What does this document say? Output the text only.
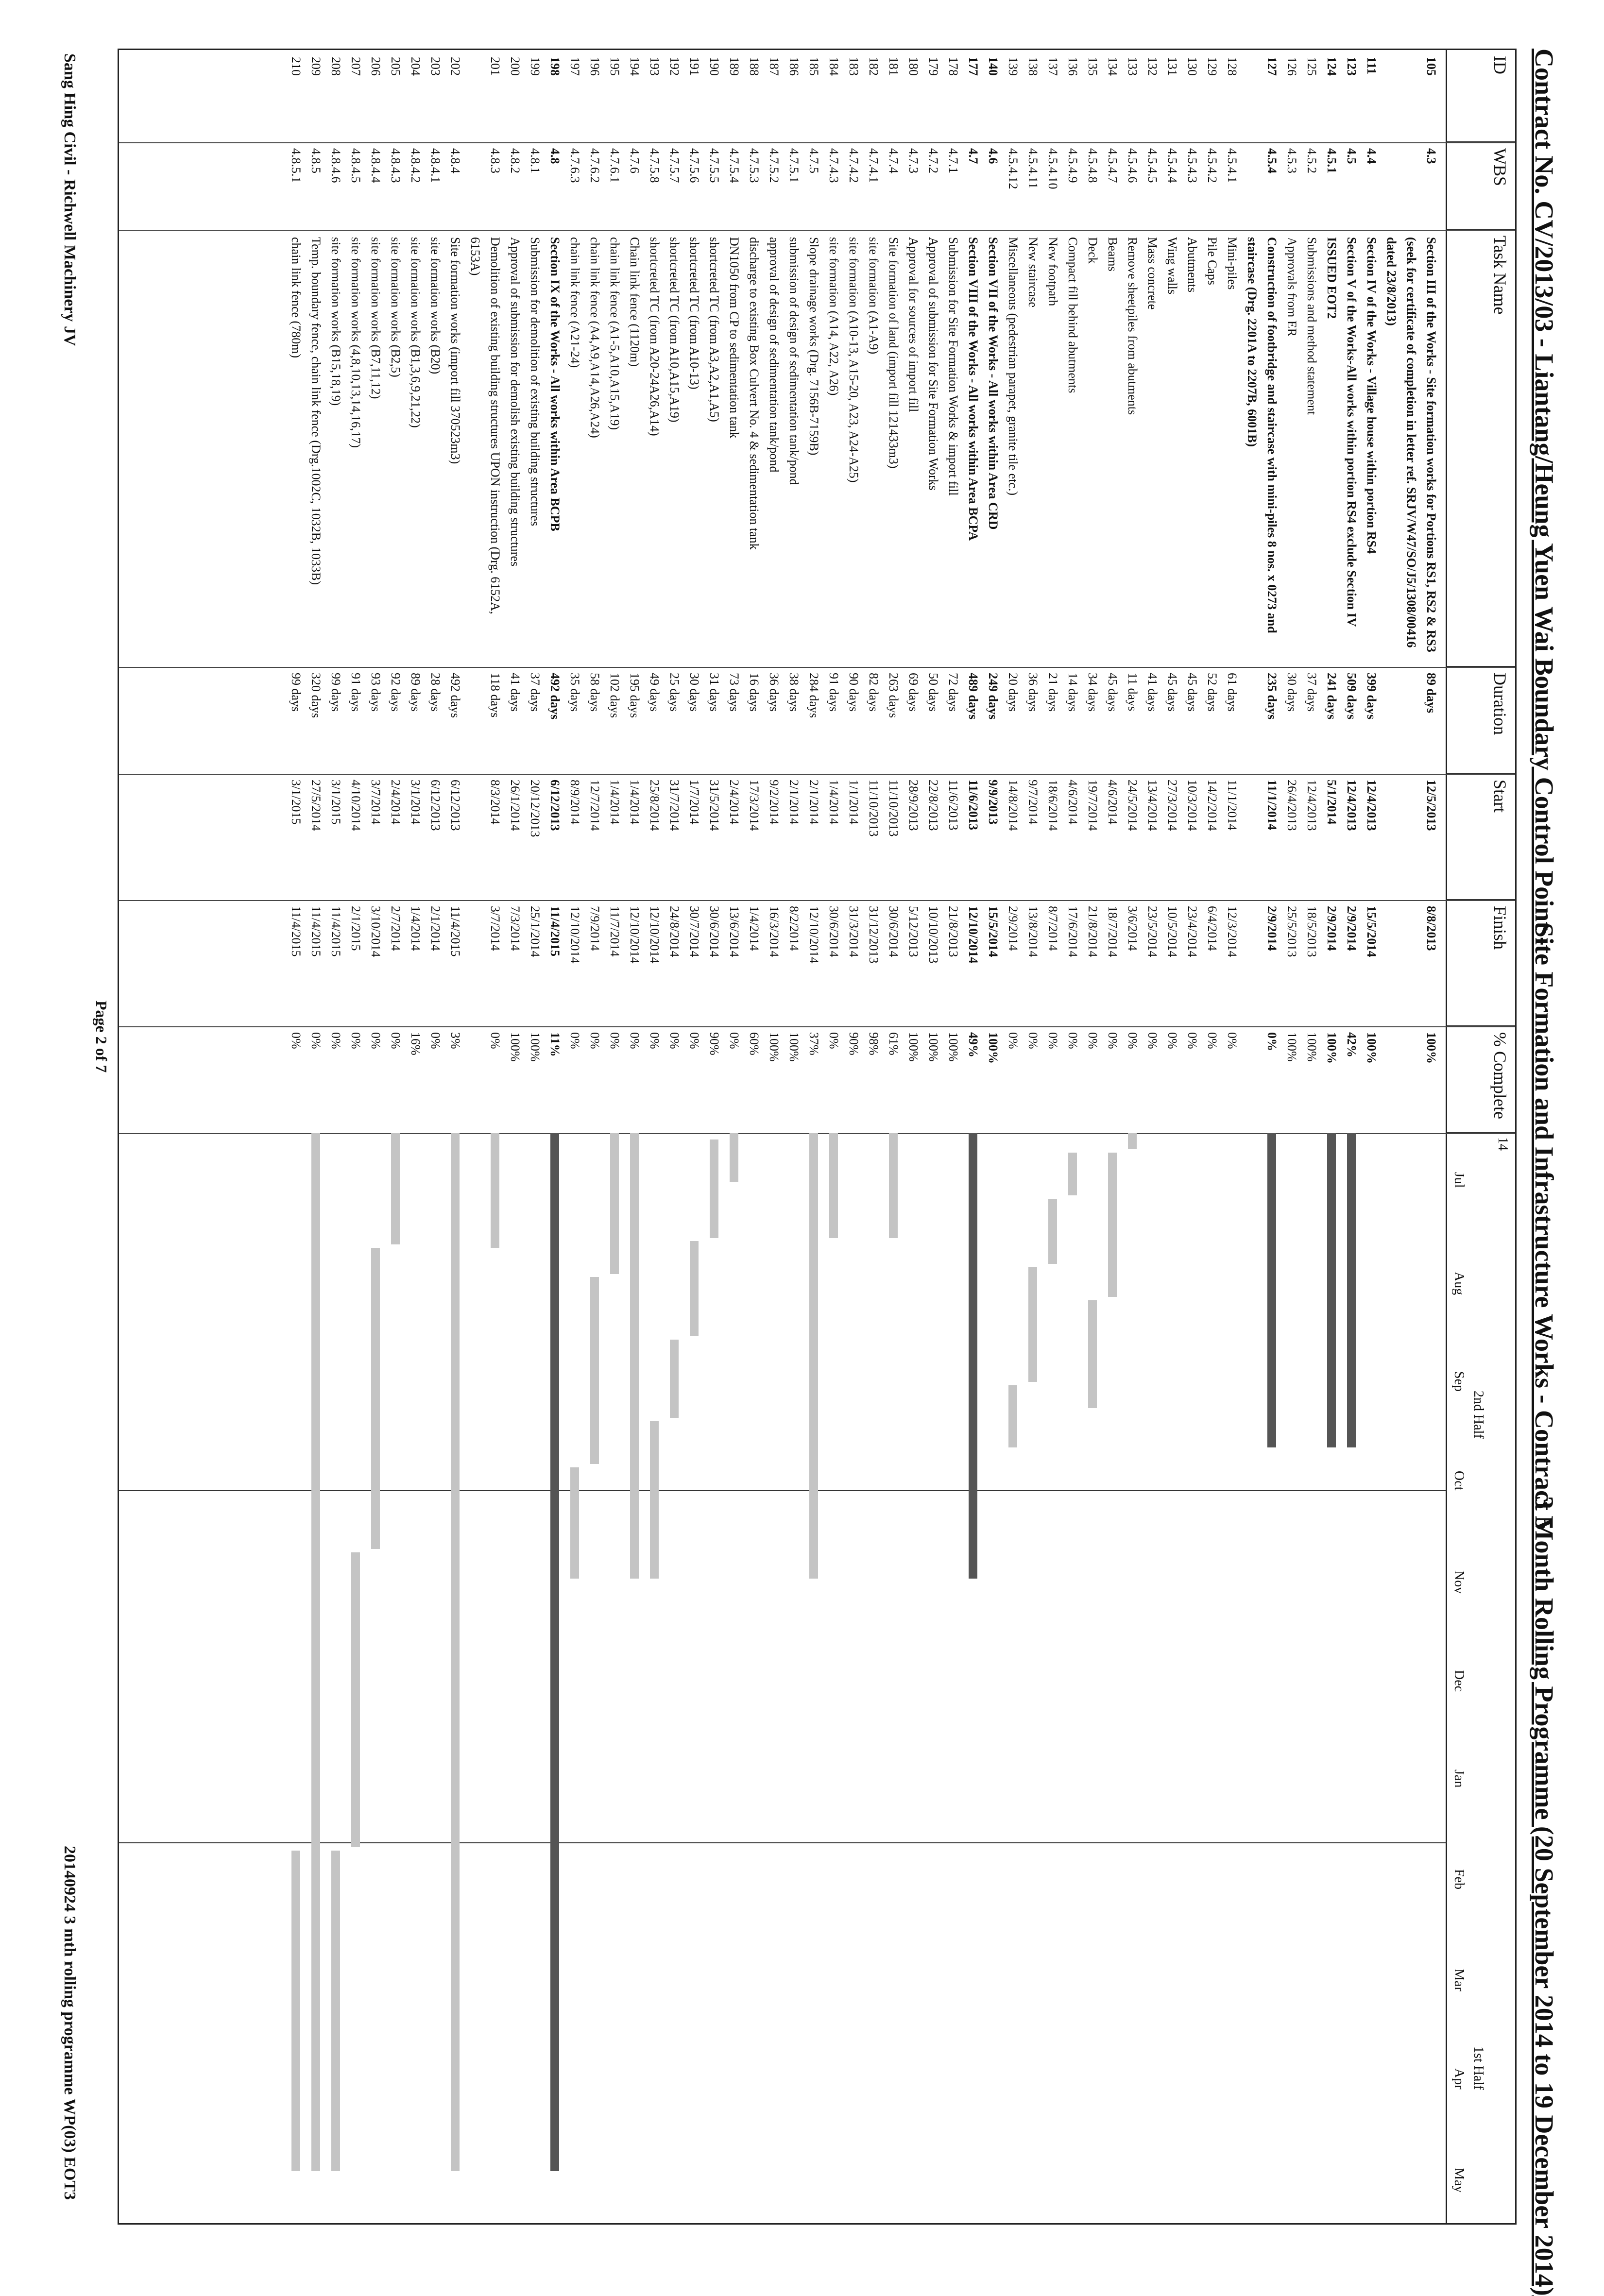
Contract No. CV/2013/03 - Liantang/Heung Yuen Wai Boundary Control Point -
Site Formation and Infrastructure Works - Contract 5
3 Month Rolling Programme (20 September 2014 to 19 December 2014)
ID
WBS
Task Name
Duration
Start
Finish
% Complete
105
4.3
Section III of the Works - Site formation works for Portions RS1, RS2 & RS3
89 days
12/5/2013
8/8/2013
100%
(seek for certificate of completion in letter ref. SRJV/W47/SO/J5/1308/00416
dated 23/8/2013)
111
4.4
Section IV of the Works - Village house within portion RS4
399 days
12/4/2013
15/5/2014
100%
123
4.5
Section V of the Works-All works within portion RS4 exclude Section IV
509 days
12/4/2013
2/9/2014
42%
124
4.5.1
ISSUED EOT2
241 days
5/1/2014
2/9/2014
100%
125
4.5.2
Submissions and method statement
37 days
12/4/2013
18/5/2013
100%
126
4.5.3
Approvals from ER
30 days
26/4/2013
25/5/2013
100%
127
4.5.4
Construction of footbridge and staircase with mini-piles 8 nos. x 0273 and
235 days
11/1/2014
2/9/2014
0%
staircase (Drg. 2201A to 2207B, 6001B)
128
4.5.4.1
Mini-piles
61 days
11/1/2014
12/3/2014
0%
129
4.5.4.2
Pile Caps
52 days
14/2/2014
6/4/2014
0%
130
4.5.4.3
Abutments
45 days
10/3/2014
23/4/2014
0%
131
4.5.4.4
Wing walls
45 days
27/3/2014
10/5/2014
0%
132
4.5.4.5
Mass concrete
41 days
13/4/2014
23/5/2014
0%
133
4.5.4.6
Remove sheetpiles from abutments
11 days
24/5/2014
3/6/2014
0%
134
4.5.4.7
Beams
45 days
4/6/2014
18/7/2014
0%
135
4.5.4.8
Deck
34 days
19/7/2014
21/8/2014
0%
136
4.5.4.9
Compact fill behind abutments
14 days
4/6/2014
17/6/2014
0%
137
4.5.4.10
New footpath
21 days
18/6/2014
8/7/2014
0%
138
4.5.4.11
New staircase
36 days
9/7/2014
13/8/2014
0%
139
4.5.4.12
Miscellaneous (pedestrian parapet, granite tile etc.)
20 days
14/8/2014
2/9/2014
0%
140
4.6
Section VII of the Works - All works within Area CRD
249 days
9/9/2013
15/5/2014
100%
177
4.7
Section VIII of the Works - All works within Area BCPA
489 days
11/6/2013
12/10/2014
49%
178
4.7.1
Submission for Site Formation Works & import fill
72 days
11/6/2013
21/8/2013
100%
179
4.7.2
Approval of submission for Site Formation Works
50 days
22/8/2013
10/10/2013
100%
180
4.7.3
Approval for sources of import fill
69 days
28/9/2013
5/12/2013
100%
181
4.7.4
Site formation of land (import fill 121433m3)
263 days
11/10/2013
30/6/2014
61%
182
4.7.4.1
site formation (A1-A9)
82 days
11/10/2013
31/12/2013
98%
183
4.7.4.2
site formation (A10-13, A15-20, A23, A24-A25)
90 days
1/1/2014
31/3/2014
90%
184
4.7.4.3
site formation (A14, A22, A26)
91 days
1/4/2014
30/6/2014
0%
185
4.7.5
Slope drainage works (Drg. 7156B-7159B)
284 days
2/1/2014
12/10/2014
37%
186
4.7.5.1
submission of design of sedimentation tank/pond
38 days
2/1/2014
8/2/2014
100%
187
4.7.5.2
approval of design of sedimentation tank/pond
36 days
9/2/2014
16/3/2014
100%
188
4.7.5.3
discharge to existing Box Culvert No. 4 & sedimentation tank
16 days
17/3/2014
1/4/2014
60%
189
4.7.5.4
DN1050 from CP to sedimentation tank
73 days
2/4/2014
13/6/2014
0%
190
4.7.5.5
shortcreted TC (from A3,A2,A1,A5)
31 days
31/5/2014
30/6/2014
90%
191
4.7.5.6
shortcreted TC (from A10-13)
30 days
1/7/2014
30/7/2014
0%
192
4.7.5.7
shortcreted TC (from A10,A15,A19)
25 days
31/7/2014
24/8/2014
0%
193
4.7.5.8
shortcreted TC (from A20-24A26,A14)
49 days
25/8/2014
12/10/2014
0%
194
4.7.6
Chain link fence (1120m)
195 days
1/4/2014
12/10/2014
0%
195
4.7.6.1
chain link fence (A1-5,A10,A15,A19)
102 days
1/4/2014
11/7/2014
0%
196
4.7.6.2
chain link fence (A4,A9,A14,A26,A24)
58 days
12/7/2014
7/9/2014
0%
197
4.7.6.3
chain link fence (A21-24)
35 days
8/9/2014
12/10/2014
0%
198
4.8
Section IX of the Works - All works within Area BCPB
492 days
6/12/2013
11/4/2015
11%
199
4.8.1
Submission for demolition of existing building structures
37 days
20/12/2013
25/1/2014
100%
200
4.8.2
Approval of submission for demolish existing building structures
41 days
26/1/2014
7/3/2014
100%
201
4.8.3
Demolition of existing building structures UPON instruction (Drg. 6152A,
118 days
8/3/2014
3/7/2014
0%
6153A)
202
4.8.4
Site formation works (import fill 370523m3)
492 days
6/12/2013
11/4/2015
3%
203
4.8.4.1
site formation works (B20)
28 days
6/12/2013
2/1/2014
0%
204
4.8.4.2
site formation works (B1,3,6,9,21,22)
89 days
3/1/2014
1/4/2014
16%
205
4.8.4.3
site formation works (B2,5)
92 days
2/4/2014
2/7/2014
0%
206
4.8.4.4
site formation works (B7,11,12)
93 days
3/7/2014
3/10/2014
0%
207
4.8.4.5
site formation works (4,8,10,13,14,16,17)
91 days
4/10/2014
2/1/2015
0%
208
4.8.4.6
site formation works (B15,18,19)
99 days
3/1/2015
11/4/2015
0%
209
4.8.5
Temp. boundary fence, chain link fence (Drg.1002C, 1032B, 1033B)
320 days
27/5/2014
11/4/2015
0%
210
4.8.5.1
chain link fence (780m)
99 days
3/1/2015
11/4/2015
0%
14
2nd Half
1st Half
Jul
Aug
Sep
Oct
Nov
Dec
Jan
Feb
Mar
Apr
May
Page 2 of 7
Sang Hing Civil - Richwell Machinery JV
20140924 3 mth rolling programme WP(03) EOT3
